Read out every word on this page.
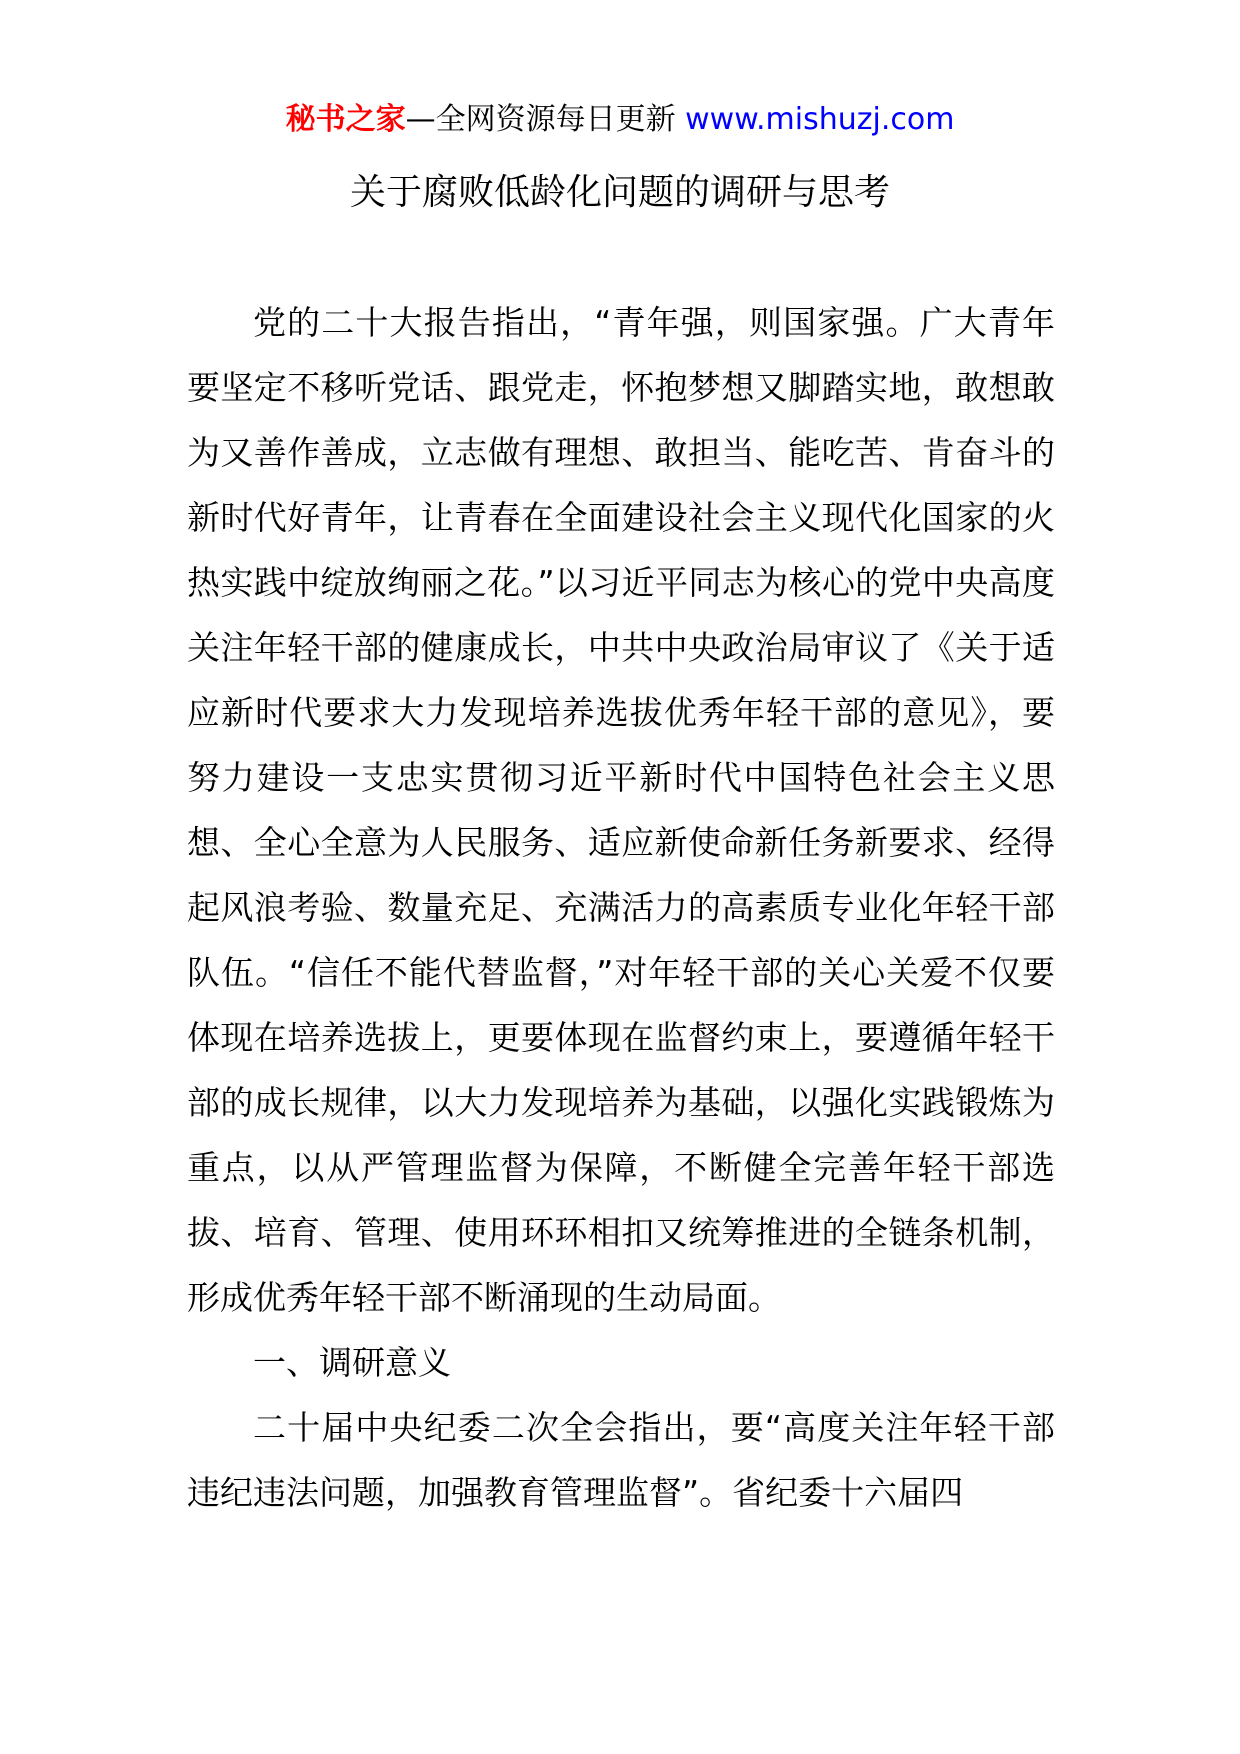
秘书之家—全网资源每日更新 www.mishuzj.com
关于腐败低龄化问题的调研与思考

党的二十大报告指出，“青年强，则国家强。广大青年要坚定不移听党话、跟党走，怀抱梦想又脚踏实地，敢想敢为又善作善成，立志做有理想、敢担当、能吃苦、肯奋斗的新时代好青年，让青春在全面建设社会主义现代化国家的火热实践中绽放绚丽之花。”以习近平同志为核心的党中央高度关注年轻干部的健康成长，中共中央政治局审议了《关于适应新时代要求大力发现培养选拔优秀年轻干部的意见》，要努力建设一支忠实贯彻习近平新时代中国特色社会主义思想、全心全意为人民服务、适应新使命新任务新要求、经得起风浪考验、数量充足、充满活力的高素质专业化年轻干部队伍。“信任不能代替监督，”对年轻干部的关心关爱不仅要体现在培养选拔上，更要体现在监督约束上，要遵循年轻干部的成长规律，以大力发现培养为基础，以强化实践锻炼为重点，以从严管理监督为保障，不断健全完善年轻干部选拔、培育、管理、使用环环相扣又统筹推进的全链条机制，形成优秀年轻干部不断涌现的生动局面。

一、调研意义

二十届中央纪委二次全会指出，要“高度关注年轻干部违纪违法问题，加强教育管理监督”。省纪委十六届四
